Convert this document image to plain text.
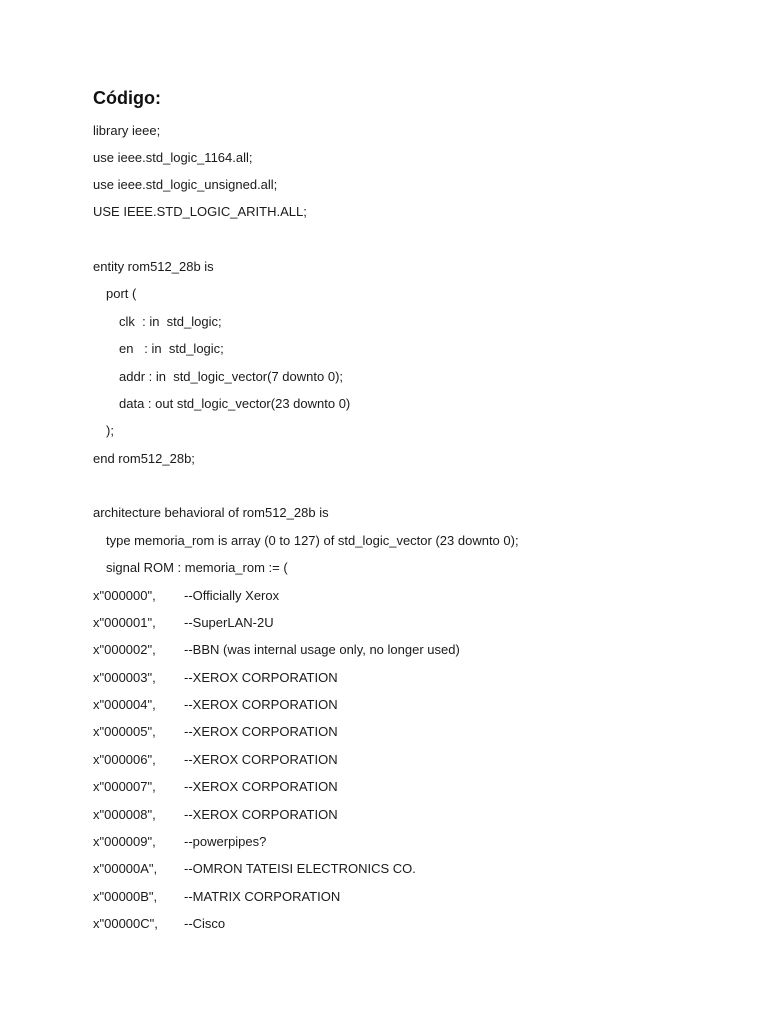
Código:
library ieee;
use ieee.std_logic_1164.all;
use ieee.std_logic_unsigned.all;
USE IEEE.STD_LOGIC_ARITH.ALL;
entity rom512_28b is
port (
clk  : in  std_logic;
en   : in  std_logic;
addr : in  std_logic_vector(7 downto 0);
data : out std_logic_vector(23 downto 0)
);
end rom512_28b;
architecture behavioral of rom512_28b is
type memoria_rom is array (0 to 127) of std_logic_vector (23 downto 0);
signal ROM : memoria_rom := (
x"000000", --Officially Xerox
x"000001", --SuperLAN-2U
x"000002", --BBN (was internal usage only, no longer used)
x"000003", --XEROX CORPORATION
x"000004", --XEROX CORPORATION
x"000005", --XEROX CORPORATION
x"000006", --XEROX CORPORATION
x"000007", --XEROX CORPORATION
x"000008", --XEROX CORPORATION
x"000009", --powerpipes?
x"00000A", --OMRON TATEISI ELECTRONICS CO.
x"00000B", --MATRIX CORPORATION
x"00000C", --Cisco
